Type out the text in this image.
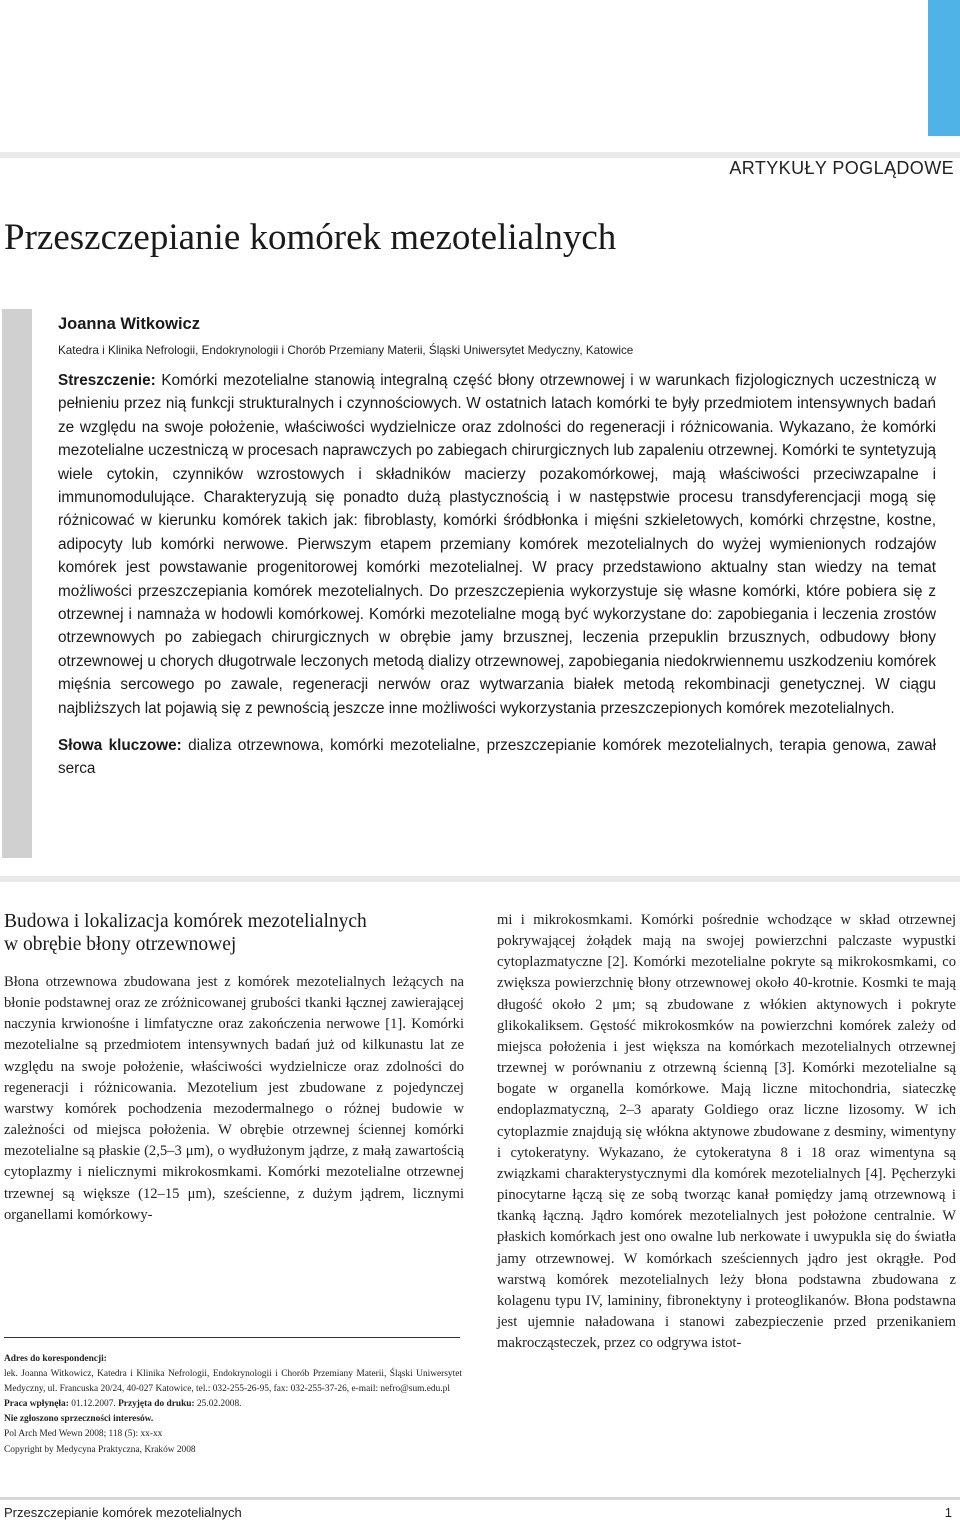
ARTYKUŁY POGLĄDOWE
Przeszczepianie komórek mezotelialnych
Joanna Witkowicz
Katedra i Klinika Nefrologii, Endokrynologii i Chorób Przemiany Materii, Śląski Uniwersytet Medyczny, Katowice
Streszczenie: Komórki mezotelialne stanowią integralną część błony otrzewnowej i w warunkach fizjologicznych uczestniczą w pełnieniu przez nią funkcji strukturalnych i czynnościowych. W ostatnich latach komórki te były przedmiotem intensywnych badań ze względu na swoje położenie, właściwości wydzielnicze oraz zdolności do regeneracji i różnicowania. Wykazano, że komórki mezotelialne uczestniczą w procesach naprawczych po zabiegach chirurgicznych lub zapaleniu otrzewnej. Komórki te syntetyzują wiele cytokin, czynników wzrostowych i składników macierzy pozakomórkowej, mają właściwości przeciwzapalne i immunomodulujące. Charakteryzują się ponadto dużą plastycznością i w następstwie procesu transdyferencjacji mogą się różnicować w kierunku komórek takich jak: fibroblasty, komórki śródbłonka i mięśni szkieletowych, komórki chrzęstne, kostne, adipocyty lub komórki nerwowe. Pierwszym etapem przemiany komórek mezotelialnych do wyżej wymienionych rodzajów komórek jest powstawanie progenitorowej komórki mezotelialnej. W pracy przedstawiono aktualny stan wiedzy na temat możliwości przeszczepiania komórek mezotelialnych. Do przeszczepienia wykorzystuje się własne komórki, które pobiera się z otrzewnej i namnaża w hodowli komórkowej. Komórki mezotelialne mogą być wykorzystane do: zapobiegania i leczenia zrostów otrzewnowych po zabiegach chirurgicznych w obrębie jamy brzusznej, leczenia przepuklin brzusznych, odbudowy błony otrzewnowej u chorych długotrwale leczonych metodą dializy otrzewnowej, zapobiegania niedokrwiennemu uszkodzeniu komórek mięśnia sercowego po zawale, regeneracji nerwów oraz wytwarzania białek metodą rekombinacji genetycznej. W ciągu najbliższych lat pojawią się z pewnością jeszcze inne możliwości wykorzystania przeszczepionych komórek mezotelialnych.
Słowa kluczowe: dializa otrzewnowa, komórki mezotelialne, przeszczepianie komórek mezotelialnych, terapia genowa, zawał serca
Budowa i lokalizacja komórek mezotelialnych
w obrębie błony otrzewnowej
Błona otrzewnowa zbudowana jest z komórek mezotelialnych leżących na błonie podstawnej oraz ze zróżnicowanej grubości tkanki łącznej zawierającej naczynia krwionośne i limfatyczne oraz zakończenia nerwowe [1]. Komórki mezotelialne są przedmiotem intensywnych badań już od kilkunastu lat ze względu na swoje położenie, właściwości wydzielnicze oraz zdolności do regeneracji i różnicowania. Mezotelium jest zbudowane z pojedynczej warstwy komórek pochodzenia mezodermalnego o różnej budowie w zależności od miejsca położenia. W obrębie otrzewnej ściennej komórki mezotelialne są płaskie (2,5–3 μm), o wydłużonym jądrze, z małą zawartością cytoplazmy i nielicznymi mikrokosmkami. Komórki mezotelialne otrzewnej trzewnej są większe (12–15 μm), sześcienne, z dużym jądrem, licznymi organellami komórkowy-
Adres do korespondencji:
lek. Joanna Witkowicz, Katedra i Klinika Nefrologii, Endokrynologii i Chorób Przemiany Materii, Śląski Uniwersytet Medyczny, ul. Francuska 20/24, 40-027 Katowice, tel.: 032-255-26-95, fax: 032-255-37-26, e-mail: nefro@sum.edu.pl
Praca wpłynęła: 01.12.2007. Przyjęta do druku: 25.02.2008.
Nie zgłoszono sprzeczności interesów.
Pol Arch Med Wewn 2008; 118 (5): xx-xx
Copyright by Medycyna Praktyczna, Kraków 2008
mi i mikrokosmkami. Komórki pośrednie wchodzące w skład otrzewnej pokrywającej żołądek mają na swojej powierzchni palczaste wypustki cytoplazmatyczne [2]. Komórki mezotelialne pokryte są mikrokosmkami, co zwiększa powierzchnię błony otrzewnowej około 40-krotnie. Kosmki te mają długość około 2 μm; są zbudowane z włókien aktynowych i pokryte glikokaliksem. Gęstość mikrokosmków na powierzchni komórek zależy od miejsca położenia i jest większa na komórkach mezotelialnych otrzewnej trzewnej w porównaniu z otrzewną ścienną [3]. Komórki mezotelialne są bogate w organella komórkowe. Mają liczne mitochondria, siateczkę endoplazmatyczną, 2–3 aparaty Goldiego oraz liczne lizosomy. W ich cytoplazmie znajdują się włókna aktynowe zbudowane z desminy, wimentyny i cytokeratyny. Wykazano, że cytokeratyna 8 i 18 oraz wimentyna są związkami charakterystycznymi dla komórek mezotelialnych [4]. Pęcherzyki pinocytarne łączą się ze sobą tworząc kanał pomiędzy jamą otrzewnową i tkanką łączną. Jądro komórek mezotelialnych jest położone centralnie. W płaskich komórkach jest ono owalne lub nerkowate i uwypukla się do światła jamy otrzewnowej. W komórkach sześciennych jądro jest okrągłe. Pod warstwą komórek mezotelialnych leży błona podstawna zbudowana z kolagenu typu IV, lamininy, fibronektyny i proteoglikanów. Błona podstawna jest ujemnie naładowana i stanowi zabezpieczenie przed przenikaniem makrocząsteczek, przez co odgrywa istot-
Przeszczepianie komórek mezotelialnych	1
